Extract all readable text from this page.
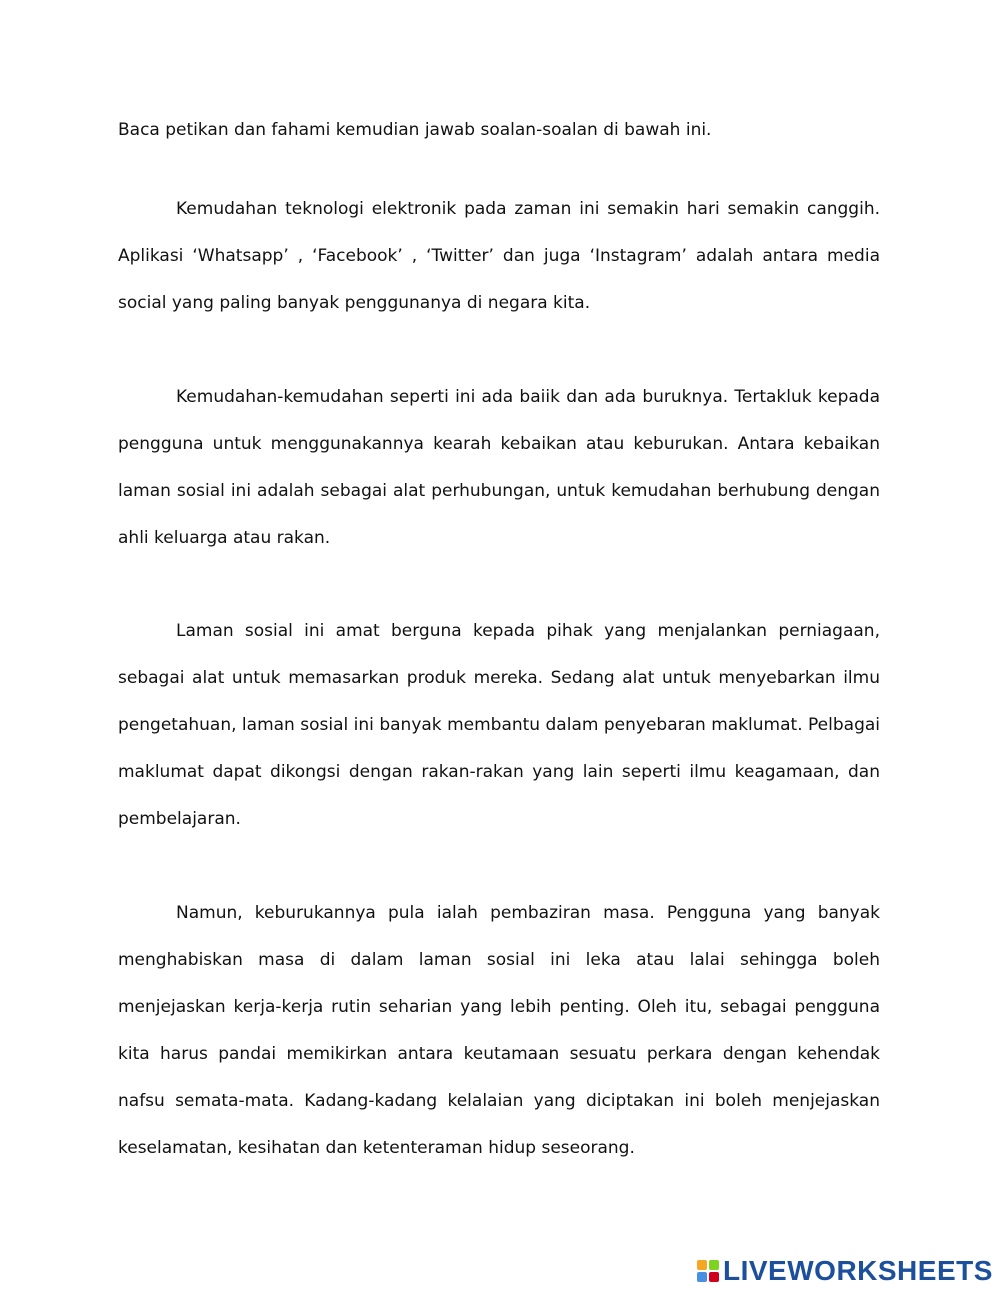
Baca petikan dan fahami kemudian jawab soalan-soalan di bawah ini.

Kemudahan teknologi elektronik pada zaman ini semakin hari semakin canggih. Aplikasi ‘Whatsapp’ , ‘Facebook’ , ‘Twitter’ dan juga ‘Instagram’ adalah antara media social yang paling banyak penggunanya di negara kita.

Kemudahan-kemudahan seperti ini ada baiik dan ada buruknya. Tertakluk kepada pengguna untuk menggunakannya kearah kebaikan atau keburukan. Antara kebaikan laman sosial ini adalah sebagai alat perhubungan, untuk kemudahan berhubung dengan ahli keluarga atau rakan.

Laman sosial ini amat berguna kepada pihak yang menjalankan perniagaan, sebagai alat untuk memasarkan produk mereka. Sedang alat untuk menyebarkan ilmu pengetahuan, laman sosial ini banyak membantu dalam penyebaran maklumat. Pelbagai maklumat dapat dikongsi dengan rakan-rakan yang lain seperti ilmu keagamaan, dan pembelajaran.

Namun, keburukannya pula ialah pembaziran masa. Pengguna yang banyak menghabiskan masa di dalam laman sosial ini leka atau lalai sehingga boleh menjejaskan kerja-kerja rutin seharian yang lebih penting. Oleh itu, sebagai pengguna kita harus pandai memikirkan antara keutamaan sesuatu perkara dengan kehendak nafsu semata-mata. Kadang-kadang kelalaian yang diciptakan ini boleh menjejaskan keselamatan, kesihatan dan ketenteraman hidup seseorang.

LIVEWORKSHEETS
